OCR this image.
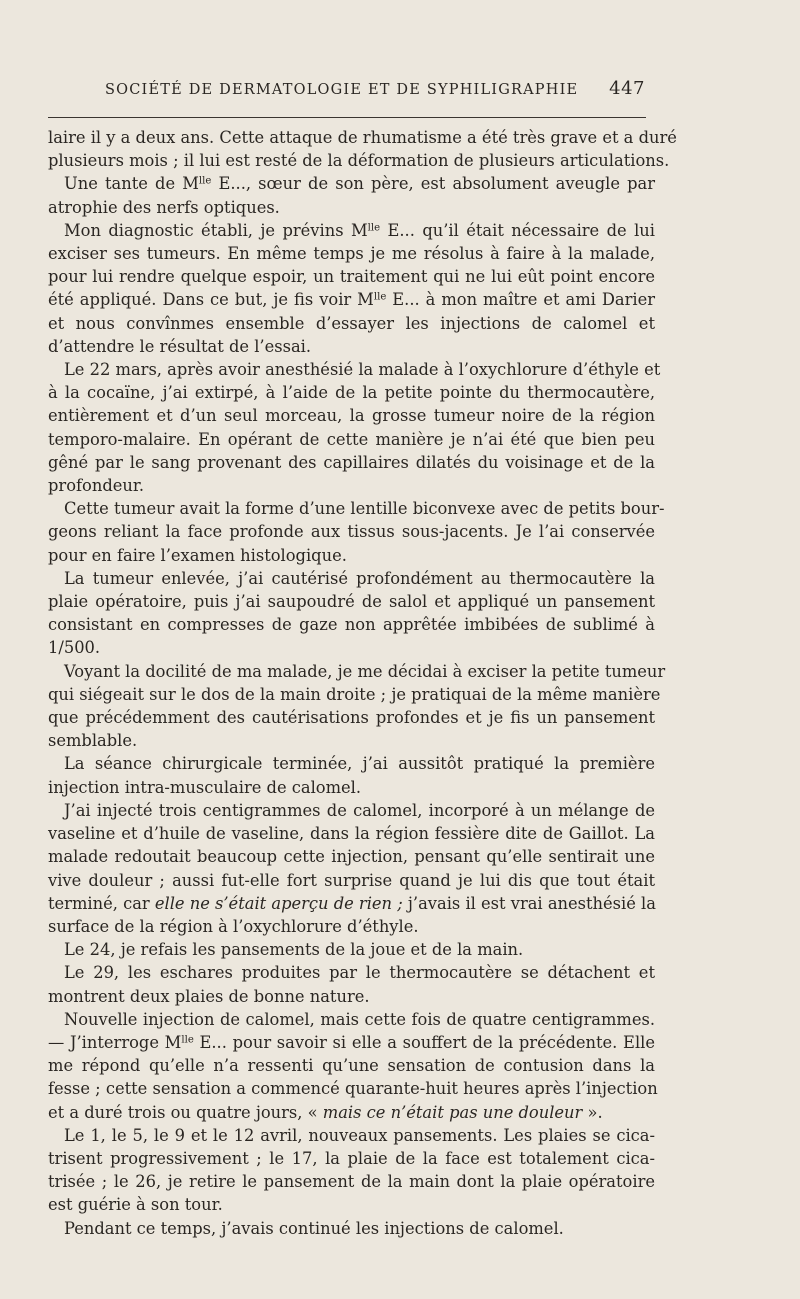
SOCIÉTÉ DE DERMATOLOGIE ET DE SYPHILIGRAPHIE 447
laire il y a deux ans. Cette attaque de rhumatisme a été très grave et a duré
plusieurs mois ; il lui est resté de la déformation de plusieurs articulations.
Une tante de $M^{lle}$ E..., sœur de son père, est absolument aveugle par
atrophie des nerfs optiques.
Mon diagnostic établi, je prévins $M^{lle}$ E... qu’il était nécessaire de lui
exciser ses tumeurs. En même temps je me résolus à faire à la malade,
pour lui rendre quelque espoir, un traitement qui ne lui eût point encore
été appliqué. Dans ce but, je fis voir $M^{lle}$ E... à mon maître et ami Darier
et nous convînmes ensemble d’essayer les injections de calomel et
d’attendre le résultat de l’essai.
Le 22 mars, après avoir anesthésié la malade à l’oxychlorure d’éthyle et
à la cocaïne, j’ai extirpé, à l’aide de la petite pointe du thermocautère,
entièrement et d’un seul morceau, la grosse tumeur noire de la région
temporo-malaire. En opérant de cette manière je n’ai été que bien peu
gêné par le sang provenant des capillaires dilatés du voisinage et de la
profondeur.
Cette tumeur avait la forme d’une lentille biconvexe avec de petits bour-
geons reliant la face profonde aux tissus sous-jacents. Je l’ai conservée
pour en faire l’examen histologique.
La tumeur enlevée, j’ai cautérisé profondément au thermocautère la
plaie opératoire, puis j’ai saupoudré de salol et appliqué un pansement
consistant en compresses de gaze non apprêtée imbibées de sublimé à
1/500.
Voyant la docilité de ma malade, je me décidai à exciser la petite tumeur
qui siégeait sur le dos de la main droite ; je pratiquai de la même manière
que précédemment des cautérisations profondes et je fis un pansement
semblable.
La séance chirurgicale terminée, j’ai aussitôt pratiqué la première
injection intra-musculaire de calomel.
J’ai injecté trois centigrammes de calomel, incorporé à un mélange de
vaseline et d’huile de vaseline, dans la région fessière dite de Gaillot. La
malade redoutait beaucoup cette injection, pensant qu’elle sentirait une
vive douleur ; aussi fut-elle fort surprise quand je lui dis que tout était
terminé, car elle ne s’était aperçu de rien ; j’avais il est vrai anesthésié la
surface de la région à l’oxychlorure d’éthyle.
Le 24, je refais les pansements de la joue et de la main.
Le 29, les eschares produites par le thermocautère se détachent et
montrent deux plaies de bonne nature.
Nouvelle injection de calomel, mais cette fois de quatre centigrammes.
— J’interroge $M^{lle}$ E... pour savoir si elle a souffert de la précédente. Elle
me répond qu’elle n’a ressenti qu’une sensation de contusion dans la
fesse ; cette sensation a commencé quarante-huit heures après l’injection
et a duré trois ou quatre jours, « mais ce n’était pas une douleur ».
Le 1, le 5, le 9 et le 12 avril, nouveaux pansements. Les plaies se cica-
trisent progressivement ; le 17, la plaie de la face est totalement cica-
trisée ; le 26, je retire le pansement de la main dont la plaie opératoire
est guérie à son tour.
Pendant ce temps, j’avais continué les injections de calomel.
